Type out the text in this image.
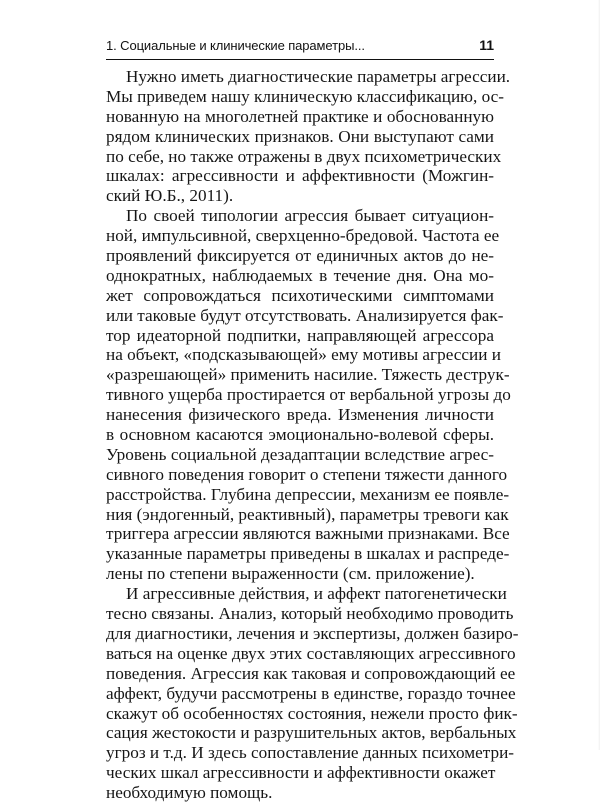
1. Социальные и клинические параметры...	11
Нужно иметь диагностические параметры агрессии.
Мы приведем нашу клиническую классификацию, ос-
нованную на многолетней практике и обоснованную
рядом клинических признаков. Они выступают сами
по себе, но также отражены в двух психометрических
шкалах: агрессивности и аффективности (Можгин-
ский Ю.Б., 2011).
По своей типологии агрессия бывает ситуацион-
ной, импульсивной, сверхценно-бредовой. Частота ее
проявлений фиксируется от единичных актов до не-
однократных, наблюдаемых в течение дня. Она мо-
жет сопровождаться психотическими симптомами
или таковые будут отсутствовать. Анализируется фак-
тор идеаторной подпитки, направляющей агрессора
на объект, «подсказывающей» ему мотивы агрессии и
«разрешающей» применить насилие. Тяжесть деструк-
тивного ущерба простирается от вербальной угрозы до
нанесения физического вреда. Изменения личности
в основном касаются эмоционально-волевой сферы.
Уровень социальной дезадаптации вследствие агрес-
сивного поведения говорит о степени тяжести данного
расстройства. Глубина депрессии, механизм ее появле-
ния (эндогенный, реактивный), параметры тревоги как
триггера агрессии являются важными признаками. Все
указанные параметры приведены в шкалах и распреде-
лены по степени выраженности (см. приложение).
И агрессивные действия, и аффект патогенетически
тесно связаны. Анализ, который необходимо проводить
для диагностики, лечения и экспертизы, должен базиро-
ваться на оценке двух этих составляющих агрессивного
поведения. Агрессия как таковая и сопровождающий ее
аффект, будучи рассмотрены в единстве, гораздо точнее
скажут об особенностях состояния, нежели просто фик-
сация жестокости и разрушительных актов, вербальных
угроз и т.д. И здесь сопоставление данных психометри-
ческих шкал агрессивности и аффективности окажет
необходимую помощь.
